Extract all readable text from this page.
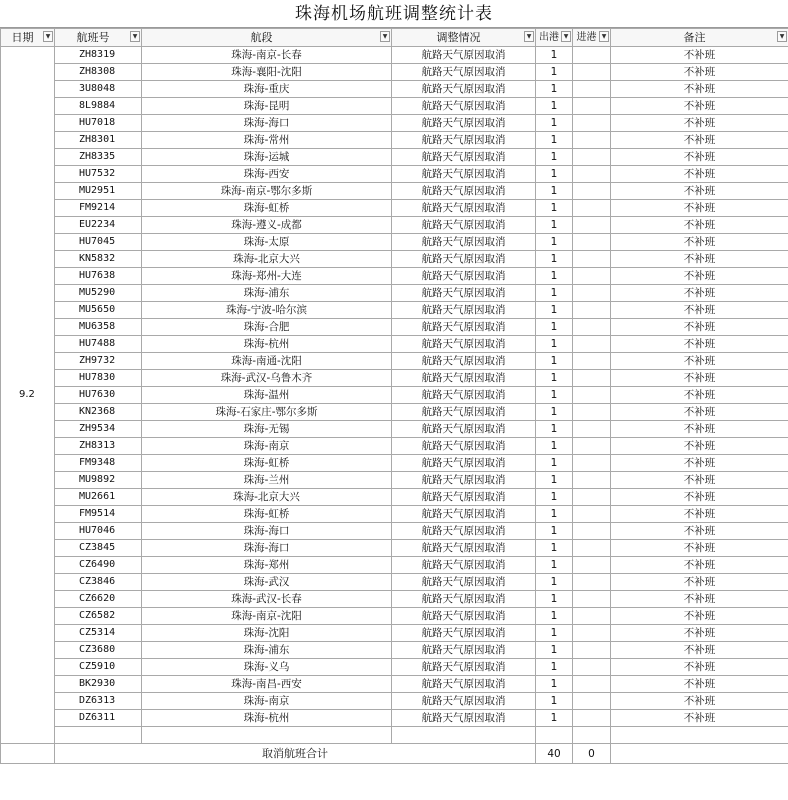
珠海机场航班调整统计表
日期 ▼	航班号 ▼	航段 ▼	调整情况 ▼	出港 ▼	进港 ▼	备注 ▼

9.2	ZH8319	珠海-南京-长春	航路天气原因取消	1		不补班
	ZH8308	珠海-襄阳-沈阳	航路天气原因取消	1		不补班
	3U8048	珠海-重庆	航路天气原因取消	1		不补班
	8L9884	珠海-昆明	航路天气原因取消	1		不补班
	HU7018	珠海-海口	航路天气原因取消	1		不补班
	ZH8301	珠海-常州	航路天气原因取消	1		不补班
	ZH8335	珠海-运城	航路天气原因取消	1		不补班
	HU7532	珠海-西安	航路天气原因取消	1		不补班
	MU2951	珠海-南京-鄂尔多斯	航路天气原因取消	1		不补班
	FM9214	珠海-虹桥	航路天气原因取消	1		不补班
	EU2234	珠海-遵义-成都	航路天气原因取消	1		不补班
	HU7045	珠海-太原	航路天气原因取消	1		不补班
	KN5832	珠海-北京大兴	航路天气原因取消	1		不补班
	HU7638	珠海-郑州-大连	航路天气原因取消	1		不补班
	MU5290	珠海-浦东	航路天气原因取消	1		不补班
	MU5650	珠海-宁波-哈尔滨	航路天气原因取消	1		不补班
	MU6358	珠海-合肥	航路天气原因取消	1		不补班
	HU7488	珠海-杭州	航路天气原因取消	1		不补班
	ZH9732	珠海-南通-沈阳	航路天气原因取消	1		不补班
	HU7830	珠海-武汉-乌鲁木齐	航路天气原因取消	1		不补班
	HU7630	珠海-温州	航路天气原因取消	1		不补班
	KN2368	珠海-石家庄-鄂尔多斯	航路天气原因取消	1		不补班
	ZH9534	珠海-无锡	航路天气原因取消	1		不补班
	ZH8313	珠海-南京	航路天气原因取消	1		不补班
	FM9348	珠海-虹桥	航路天气原因取消	1		不补班
	MU9892	珠海-兰州	航路天气原因取消	1		不补班
	MU2661	珠海-北京大兴	航路天气原因取消	1		不补班
	FM9514	珠海-虹桥	航路天气原因取消	1		不补班
	HU7046	珠海-海口	航路天气原因取消	1		不补班
	CZ3845	珠海-海口	航路天气原因取消	1		不补班
	CZ6490	珠海-郑州	航路天气原因取消	1		不补班
	CZ3846	珠海-武汉	航路天气原因取消	1		不补班
	CZ6620	珠海-武汉-长春	航路天气原因取消	1		不补班
	CZ6582	珠海-南京-沈阳	航路天气原因取消	1		不补班
	CZ5314	珠海-沈阳	航路天气原因取消	1		不补班
	CZ3680	珠海-浦东	航路天气原因取消	1		不补班
	CZ5910	珠海-义乌	航路天气原因取消	1		不补班
	BK2930	珠海-南昌-西安	航路天气原因取消	1		不补班
	DZ6313	珠海-南京	航路天气原因取消	1		不补班
	DZ6311	珠海-杭州	航路天气原因取消	1		不补班

	取消航班合计			40	0	
